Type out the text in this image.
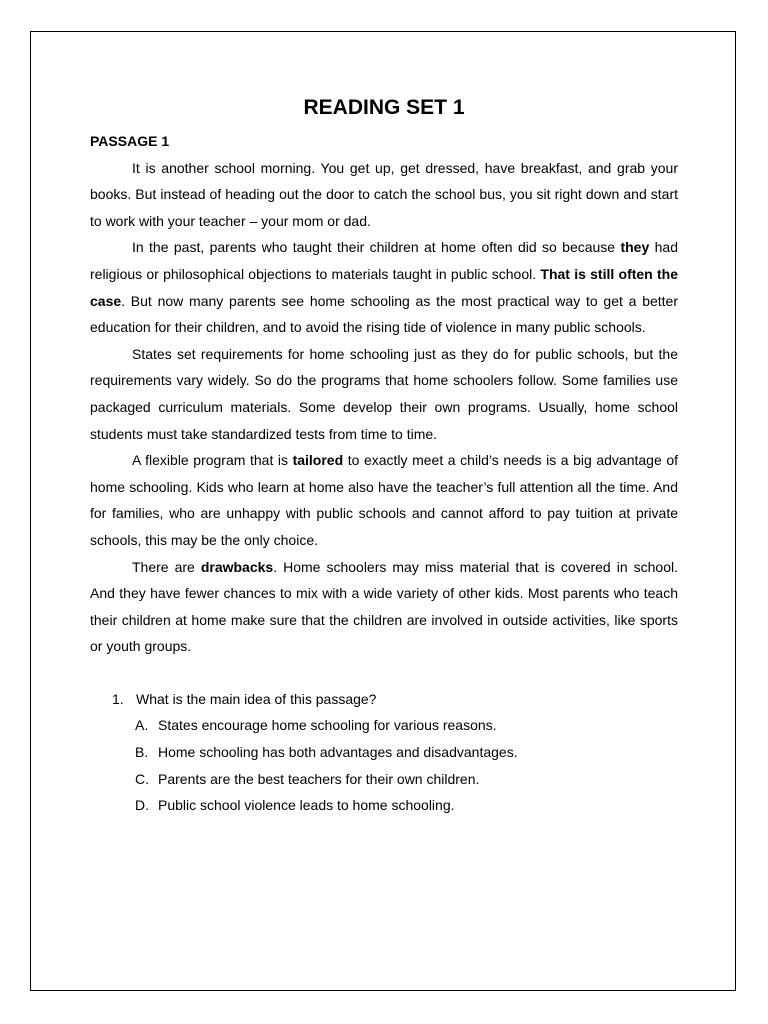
READING SET 1

PASSAGE 1

It is another school morning. You get up, get dressed, have breakfast, and grab your books. But instead of heading out the door to catch the school bus, you sit right down and start to work with your teacher – your mom or dad.

In the past, parents who taught their children at home often did so because they had religious or philosophical objections to materials taught in public school. That is still often the case. But now many parents see home schooling as the most practical way to get a better education for their children, and to avoid the rising tide of violence in many public schools.

States set requirements for home schooling just as they do for public schools, but the requirements vary widely. So do the programs that home schoolers follow. Some families use packaged curriculum materials. Some develop their own programs. Usually, home school students must take standardized tests from time to time.

A flexible program that is tailored to exactly meet a child’s needs is a big advantage of home schooling. Kids who learn at home also have the teacher’s full attention all the time. And for families, who are unhappy with public schools and cannot afford to pay tuition at private schools, this may be the only choice.

There are drawbacks. Home schoolers may miss material that is covered in school. And they have fewer chances to mix with a wide variety of other kids. Most parents who teach their children at home make sure that the children are involved in outside activities, like sports or youth groups.

1. What is the main idea of this passage?
A. States encourage home schooling for various reasons.
B. Home schooling has both advantages and disadvantages.
C. Parents are the best teachers for their own children.
D. Public school violence leads to home schooling.
